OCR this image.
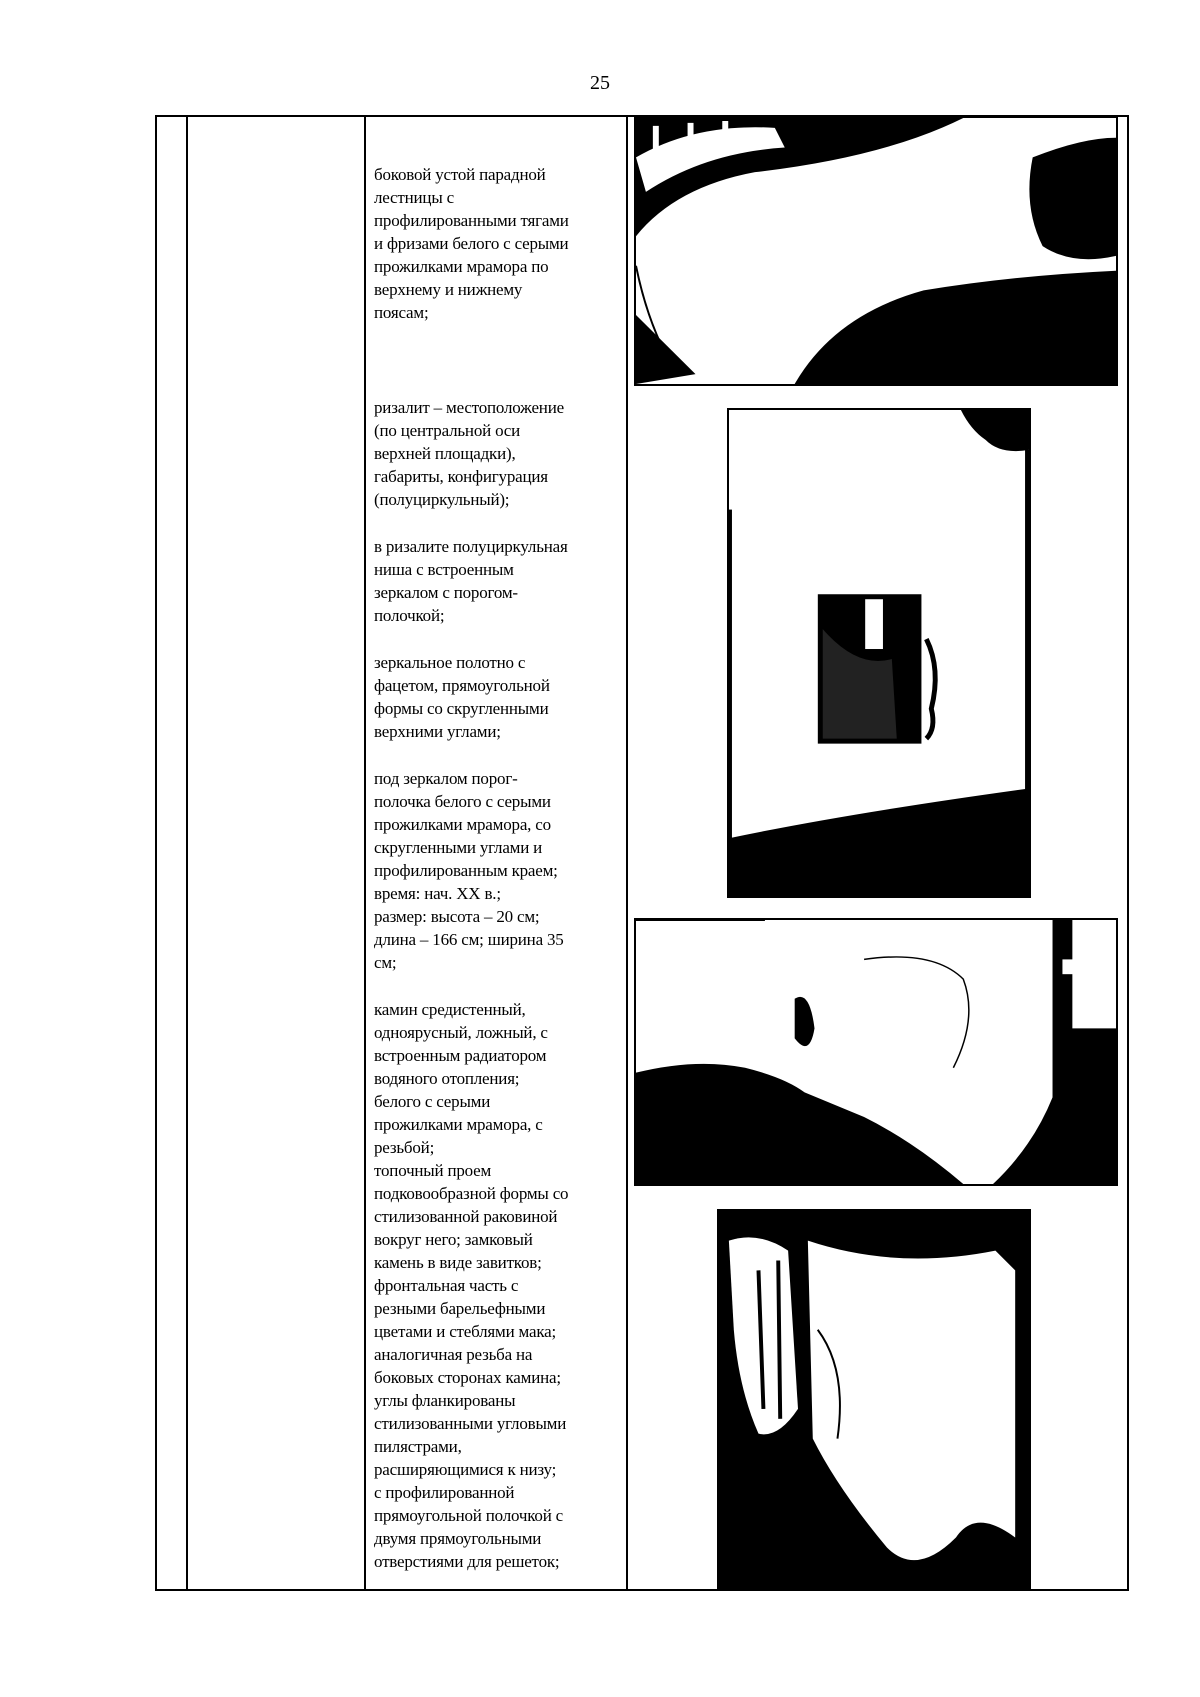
25

боковой устой парадной
лестницы с
профилированными тягами
и фризами белого с серыми
прожилками мрамора по
верхнему и нижнему
поясам;

ризалит – местоположение
(по центральной оси
верхней площадки),
габариты, конфигурация
(полуциркульный);

в ризалите полуциркульная
ниша с встроенным
зеркалом с порогом-
полочкой;

зеркальное полотно с
фацетом, прямоугольной
формы со скругленными
верхними углами;

под зеркалом порог-
полочка белого с серыми
прожилками мрамора, со
скругленными углами и
профилированным краем;
время: нач. XX в.;
размер: высота – 20 см;
длина – 166 см; ширина 35
см;

камин средистенный,
одноярусный, ложный, с
встроенным радиатором
водяного отопления;
белого с серыми
прожилками мрамора, с
резьбой;
топочный проем
подковообразной формы со
стилизованной раковиной
вокруг него; замковый
камень в виде завитков;
фронтальная часть с
резными барельефными
цветами и стеблями мака;
аналогичная резьба на
боковых сторонах камина;
углы фланкированы
стилизованными угловыми
пилястрами,
расширяющимися к низу;
с профилированной
прямоугольной полочкой с
двумя прямоугольными
отверстиями для решеток;
